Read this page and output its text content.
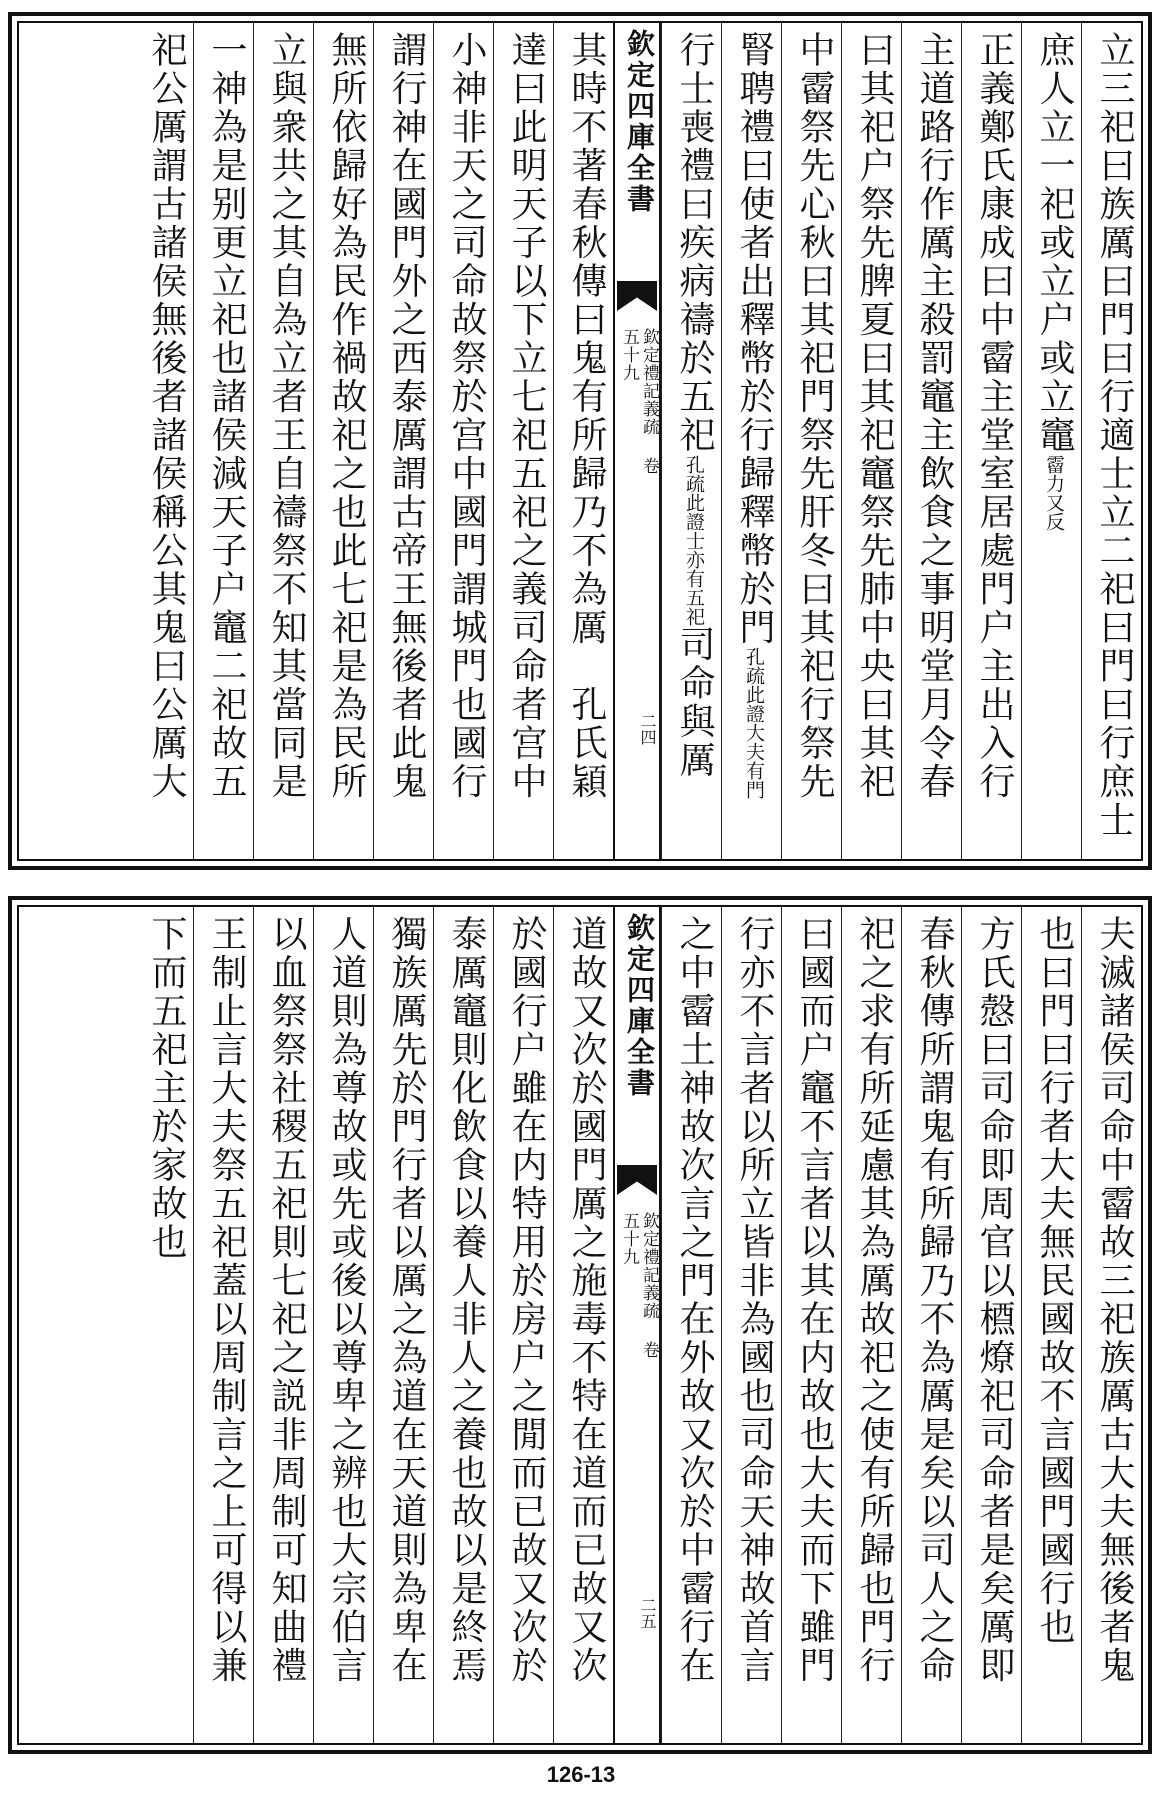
立三祀曰族厲曰門曰行適士立二祀曰門曰行庶士
庶人立一祀或立户或立竈霤力又反
正義鄭氏康成曰中霤主堂室居處門户主出入行
主道路行作厲主殺罰竈主飲食之事明堂月令春
曰其祀户祭先脾夏曰其祀竈祭先肺中央曰其祀
中霤祭先心秋曰其祀門祭先肝冬曰其祀行祭先
腎聘禮曰使者出釋幣於行歸釋幣於門孔疏此證大夫有門
行士喪禮曰疾病禱於五祀孔疏此證士亦有五祀司命與厲
欽定四庫全書
欽定禮記義疏 卷五十九
二四
其時不著春秋傳曰鬼有所歸乃不為厲　孔氏穎
達曰此明天子以下立七祀五祀之義司命者宫中
小神非天之司命故祭於宫中國門謂城門也國行
謂行神在國門外之西泰厲謂古帝王無後者此鬼
無所依歸好為民作禍故祀之也此七祀是為民所
立與衆共之其自為立者王自禱祭不知其當同是
一神為是别更立祀也諸侯減天子户竈二祀故五
祀公厲謂古諸侯無後者諸侯稱公其鬼曰公厲大
夫滅諸侯司命中霤故三祀族厲古大夫無後者鬼
也曰門曰行者大夫無民國故不言國門國行也
方氏慤曰司命即周官以槱燎祀司命者是矣厲即
春秋傳所謂鬼有所歸乃不為厲是矣以司人之命
祀之求有所延慮其為厲故祀之使有所歸也門行
曰國而户竈不言者以其在内故也大夫而下雖門
行亦不言者以所立皆非為國也司命天神故首言
之中霤土神故次言之門在外故又次於中霤行在
欽定四庫全書
欽定禮記義疏 卷五十九
二五
道故又次於國門厲之施毒不特在道而已故又次
於國行户雖在内特用於房户之閒而已故又次於
泰厲竈則化飲食以養人非人之養也故以是終焉
獨族厲先於門行者以厲之為道在天道則為卑在
人道則為尊故或先或後以尊卑之辨也大宗伯言
以血祭祭社稷五祀則七祀之説非周制可知曲禮
王制止言大夫祭五祀蓋以周制言之上可得以兼
下而五祀主於家故也
126-13
